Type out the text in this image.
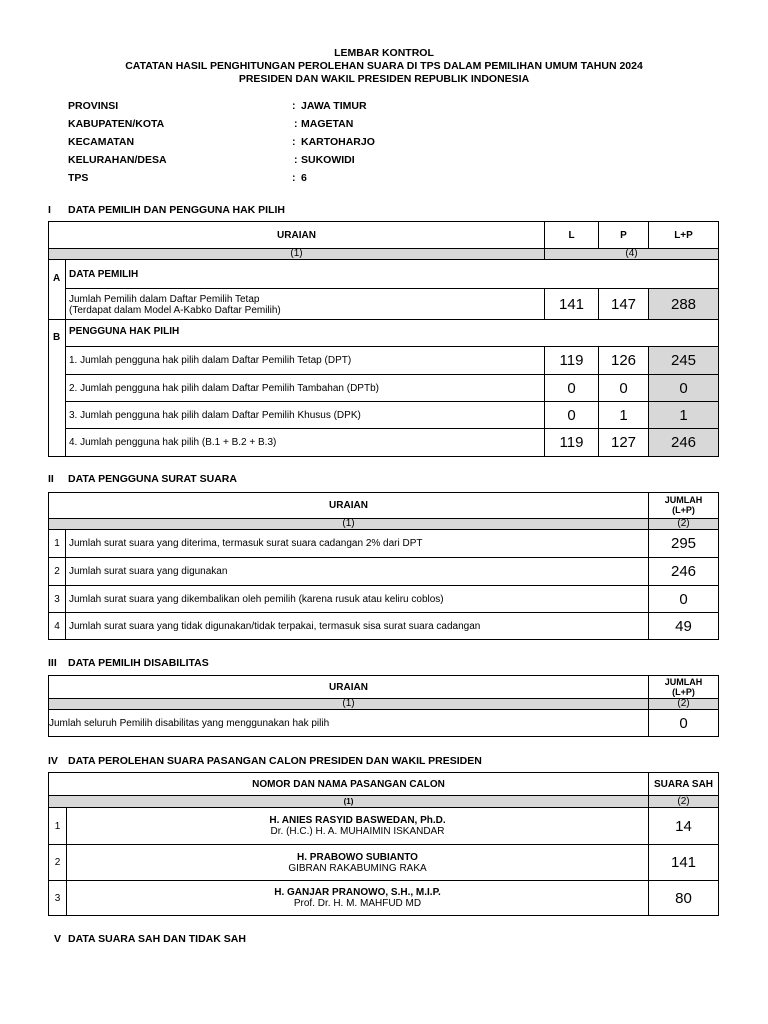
LEMBAR KONTROL
CATATAN HASIL PENGHITUNGAN PEROLEHAN SUARA DI TPS DALAM PEMILIHAN UMUM TAHUN 2024
PRESIDEN DAN WAKIL PRESIDEN REPUBLIK INDONESIA
PROVINSI	: JAWA TIMUR
KABUPATEN/KOTA	: MAGETAN
KECAMATAN	: KARTOHARJO
KELURAHAN/DESA	: SUKOWIDI
TPS	: 6
I DATA PEMILIH DAN PENGGUNA HAK PILIH
URAIAN	L	P	L+P
(1)	(4)
A DATA PEMILIH
Jumlah Pemilih dalam Daftar Pemilih Tetap
(Terdapat dalam Model A-Kabko Daftar Pemilih)	141	147	288
B
PENGGUNA HAK PILIH
1. Jumlah pengguna hak pilih dalam Daftar Pemilih Tetap (DPT)	119	126	245
2. Jumlah pengguna hak pilih dalam Daftar Pemilih Tambahan (DPTb)	0	0	0
3. Jumlah pengguna hak pilih dalam Daftar Pemilih Khusus (DPK)	0	1	1
4. Jumlah pengguna hak pilih (B.1 + B.2 + B.3)	119	127	246
II DATA PENGGUNA SURAT SUARA
URAIAN	JUMLAH
(L+P)
(1)	(2)
1 Jumlah surat suara yang diterima, termasuk surat suara cadangan 2% dari DPT	295
2 Jumlah surat suara yang digunakan	246
3 Jumlah surat suara yang dikembalikan oleh pemilih (karena rusuk atau keliru coblos)	0
4 Jumlah surat suara yang tidak digunakan/tidak terpakai, termasuk sisa surat suara cadangan	49
III DATA PEMILIH DISABILITAS
URAIAN	JUMLAH
(L+P)
(1)	(2)
Jumlah seluruh Pemilih disabilitas yang menggunakan hak pilih	0
IV DATA PEROLEHAN SUARA PASANGAN CALON PRESIDEN DAN WAKIL PRESIDEN
NOMOR DAN NAMA PASANGAN CALON	SUARA SAH
(1)	(2)
1	H. ANIES RASYID BASWEDAN, Ph.D.
Dr. (H.C.) H. A. MUHAIMIN ISKANDAR	14
2	H. PRABOWO SUBIANTO
GIBRAN RAKABUMING RAKA	141
3	H. GANJAR PRANOWO, S.H., M.I.P.
Prof. Dr. H. M. MAHFUD MD	80
V DATA SUARA SAH DAN TIDAK SAH
